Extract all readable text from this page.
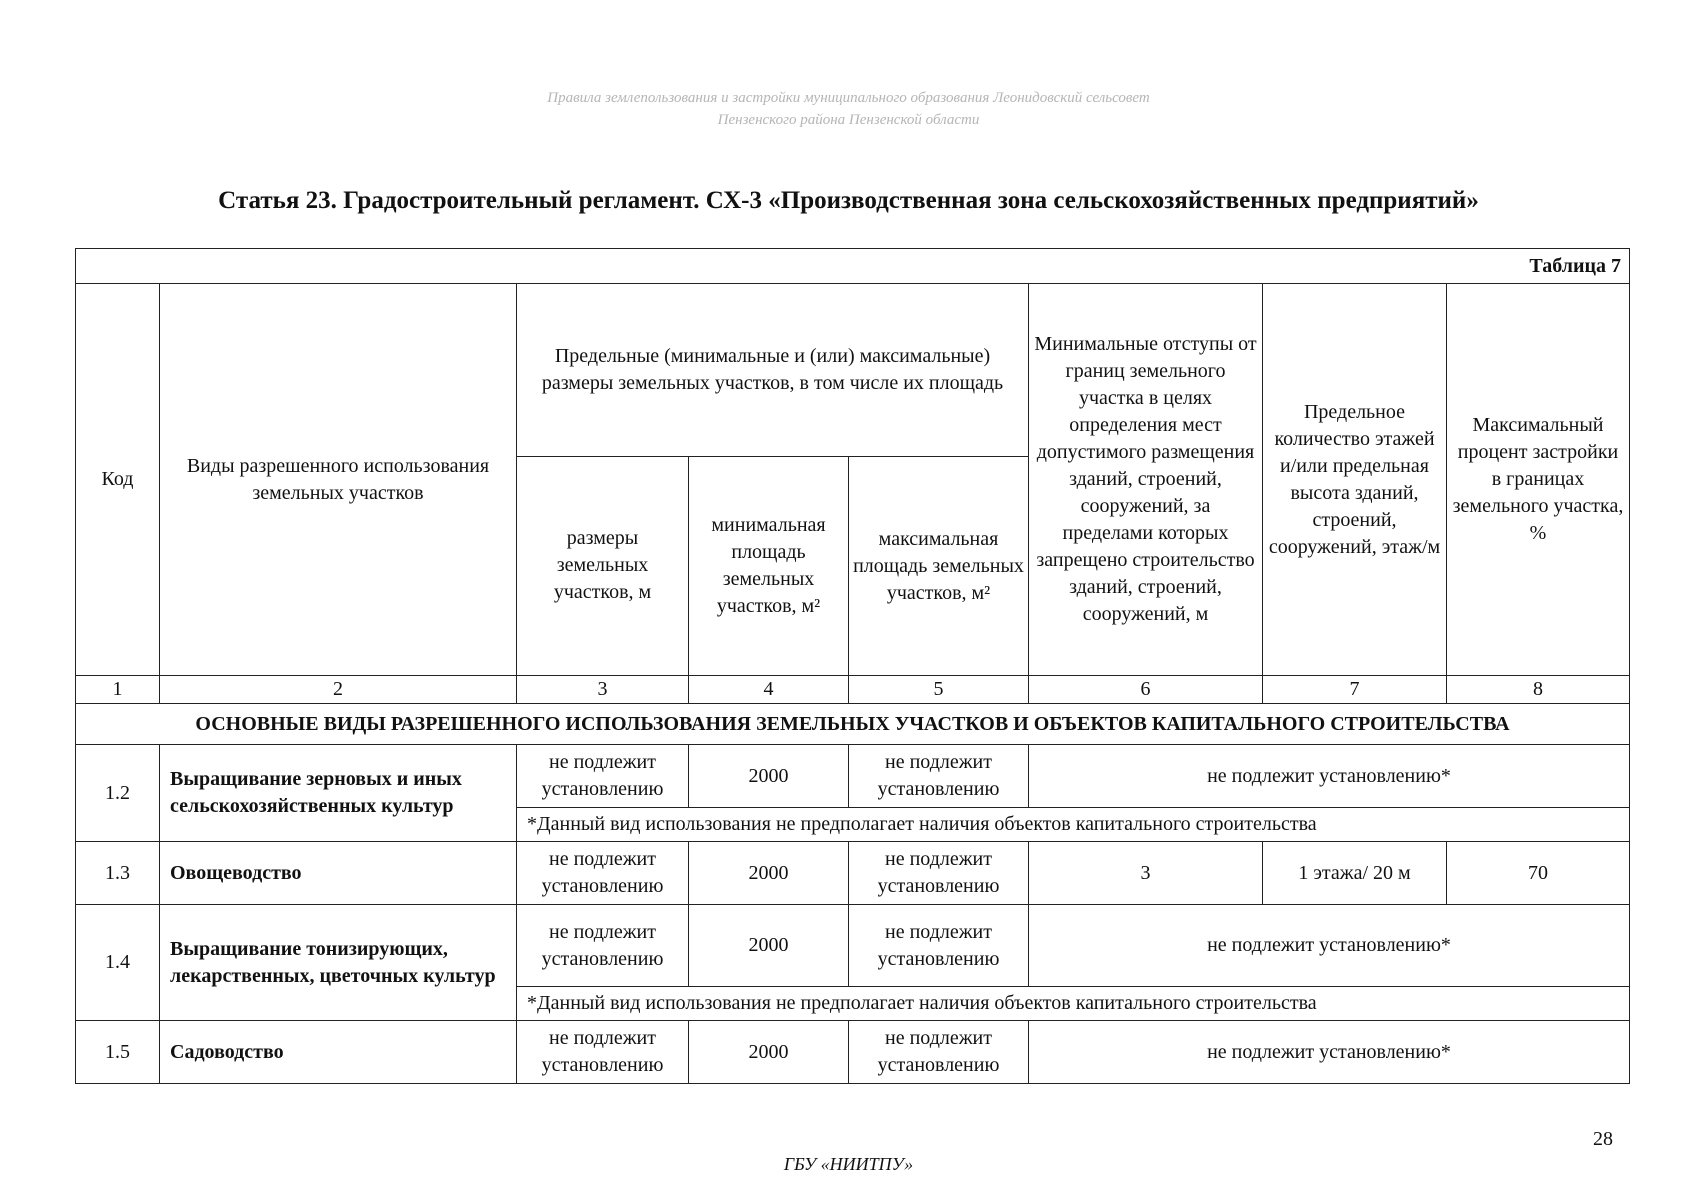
Правила землепользования и застройки муниципального образования Леонидовский сельсовет
Пензенского района Пензенской области
Статья 23. Градостроительный регламент. СХ-3 «Производственная зона сельскохозяйственных предприятий»
Таблица 7							
Код	Виды разрешенного использования земельных участков	Предельные (минимальные и (или) максимальные) размеры земельных участков, в том числе их площадь			Минимальные отступы от границ земельного участка в целях определения мест допустимого размещения зданий, строений, сооружений, за пределами которых запрещено строительство зданий, строений, сооружений, м	Предельное количество этажей и/или предельная высота зданий, строений, сооружений, этаж/м	Максимальный процент застройки в границах земельного участка, %
		размеры земельных участков, м	минимальная площадь земельных участков, м²	максимальная площадь земельных участков, м²			
1	2	3	4	5	6	7	8
ОСНОВНЫЕ ВИДЫ РАЗРЕШЕННОГО ИСПОЛЬЗОВАНИЯ ЗЕМЕЛЬНЫХ УЧАСТКОВ И ОБЪЕКТОВ КАПИТАЛЬНОГО СТРОИТЕЛЬСТВА							
1.2	Выращивание зерновых и иных сельскохозяйственных культур	не подлежит установлению	2000	не подлежит установлению	не подлежит установлению*		
		*Данный вид использования не предполагает наличия объектов капитального строительства					
1.3	Овощеводство	не подлежит установлению	2000	не подлежит установлению	3	1 этажа/ 20 м	70
1.4	Выращивание тонизирующих, лекарственных, цветочных культур	не подлежит установлению	2000	не подлежит установлению	не подлежит установлению*		
		*Данный вид использования не предполагает наличия объектов капитального строительства					
1.5	Садоводство	не подлежит установлению	2000	не подлежит установлению	не подлежит установлению*		
28
ГБУ «НИИТПУ»
